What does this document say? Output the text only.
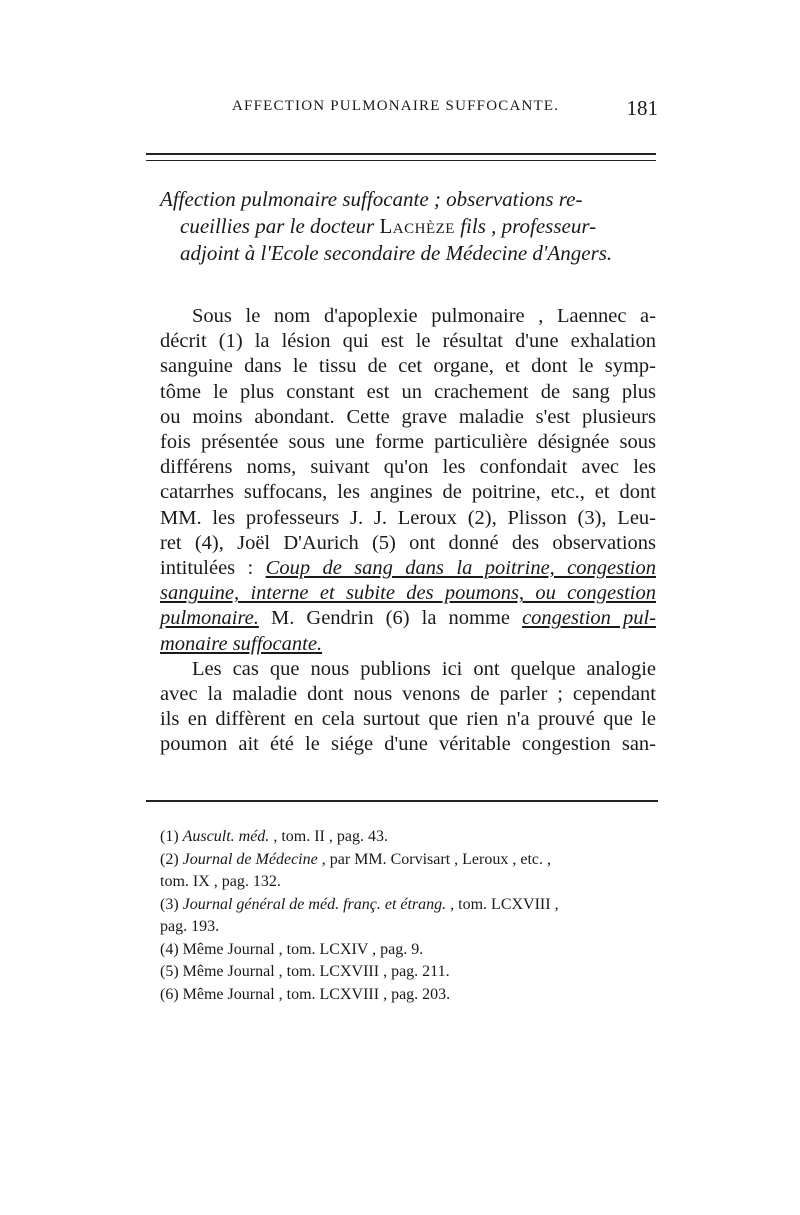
AFFECTION PULMONAIRE SUFFOCANTE.	181
Affection pulmonaire suffocante ; observations re-
cueillies par le docteur Lachèze fils , professeur-
adjoint à l'Ecole secondaire de Médecine d'Angers.
Sous le nom d'apoplexie pulmonaire , Laennec a-
décrit (1) la lésion qui est le résultat d'une exhalation
sanguine dans le tissu de cet organe, et dont le symp-
tôme le plus constant est un crachement de sang plus
ou moins abondant. Cette grave maladie s'est plusieurs
fois présentée sous une forme particulière désignée sous
différens noms, suivant qu'on les confondait avec les
catarrhes suffocans, les angines de poitrine, etc., et dont
MM. les professeurs J. J. Leroux (2), Plisson (3), Leu-
ret (4), Joël D'Aurich (5) ont donné des observations
intitulées : Coup de sang dans la poitrine, congestion
sanguine, interne et subite des poumons, ou congestion
pulmonaire. M. Gendrin (6) la nomme congestion pul-
monaire suffocante.
Les cas que nous publions ici ont quelque analogie
avec la maladie dont nous venons de parler ; cependant
ils en diffèrent en cela surtout que rien n'a prouvé que le
poumon ait été le siége d'une véritable congestion san-
(1) Auscult. méd. , tom. II , pag. 43.
(2) Journal de Médecine , par MM. Corvisart , Leroux , etc. ,
tom. IX , pag. 132.
(3) Journal général de méd. franç. et étrang. , tom. LCXVIII ,
pag. 193.
(4) Même Journal , tom. LCXIV , pag. 9.
(5) Même Journal , tom. LCXVIII , pag. 211.
(6) Même Journal , tom. LCXVIII , pag. 203.
